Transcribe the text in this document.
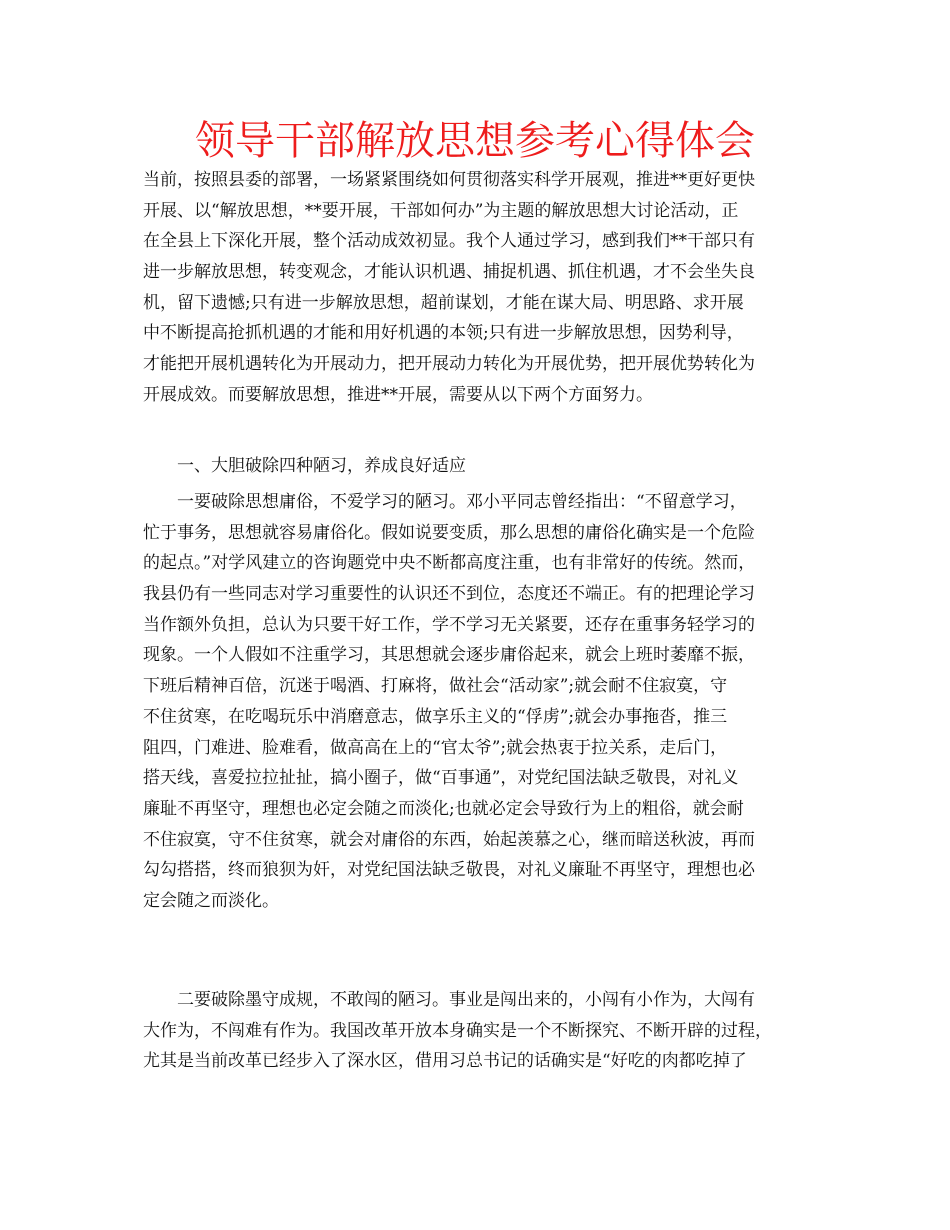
领导干部解放思想参考心得体会
当前，按照县委的部署，一场紧紧围绕如何贯彻落实科学开展观，推进**更好更快
开展、以“解放思想，**要开展，干部如何办”为主题的解放思想大讨论活动，正
在全县上下深化开展，整个活动成效初显。我个人通过学习，感到我们**干部只有
进一步解放思想，转变观念，才能认识机遇、捕捉机遇、抓住机遇，才不会坐失良
机，留下遗憾;只有进一步解放思想，超前谋划，才能在谋大局、明思路、求开展
中不断提高抢抓机遇的才能和用好机遇的本领;只有进一步解放思想，因势利导，
才能把开展机遇转化为开展动力，把开展动力转化为开展优势，把开展优势转化为
开展成效。而要解放思想，推进**开展，需要从以下两个方面努力。
一、大胆破除四种陋习，养成良好适应
一要破除思想庸俗，不爱学习的陋习。邓小平同志曾经指出：“不留意学习，
忙于事务，思想就容易庸俗化。假如说要变质，那么思想的庸俗化确实是一个危险
的起点。”对学风建立的咨询题党中央不断都高度注重，也有非常好的传统。然而，
我县仍有一些同志对学习重要性的认识还不到位，态度还不端正。有的把理论学习
当作额外负担，总认为只要干好工作，学不学习无关紧要，还存在重事务轻学习的
现象。一个人假如不注重学习，其思想就会逐步庸俗起来，就会上班时萎靡不振，
下班后精神百倍，沉迷于喝酒、打麻将，做社会“活动家”;就会耐不住寂寞，守
不住贫寒，在吃喝玩乐中消磨意志，做享乐主义的“俘虏”;就会办事拖沓，推三
阻四，门难进、脸难看，做高高在上的“官太爷”;就会热衷于拉关系，走后门，
搭天线，喜爱拉拉扯扯，搞小圈子，做“百事通”，对党纪国法缺乏敬畏，对礼义
廉耻不再坚守，理想也必定会随之而淡化;也就必定会导致行为上的粗俗，就会耐
不住寂寞，守不住贫寒，就会对庸俗的东西，始起羡慕之心，继而暗送秋波，再而
勾勾搭搭，终而狼狈为奸，对党纪国法缺乏敬畏，对礼义廉耻不再坚守，理想也必
定会随之而淡化。
二要破除墨守成规，不敢闯的陋习。事业是闯出来的，小闯有小作为，大闯有
大作为，不闯难有作为。我国改革开放本身确实是一个不断探究、不断开辟的过程，
尤其是当前改革已经步入了深水区，借用习总书记的话确实是“好吃的肉都吃掉了
